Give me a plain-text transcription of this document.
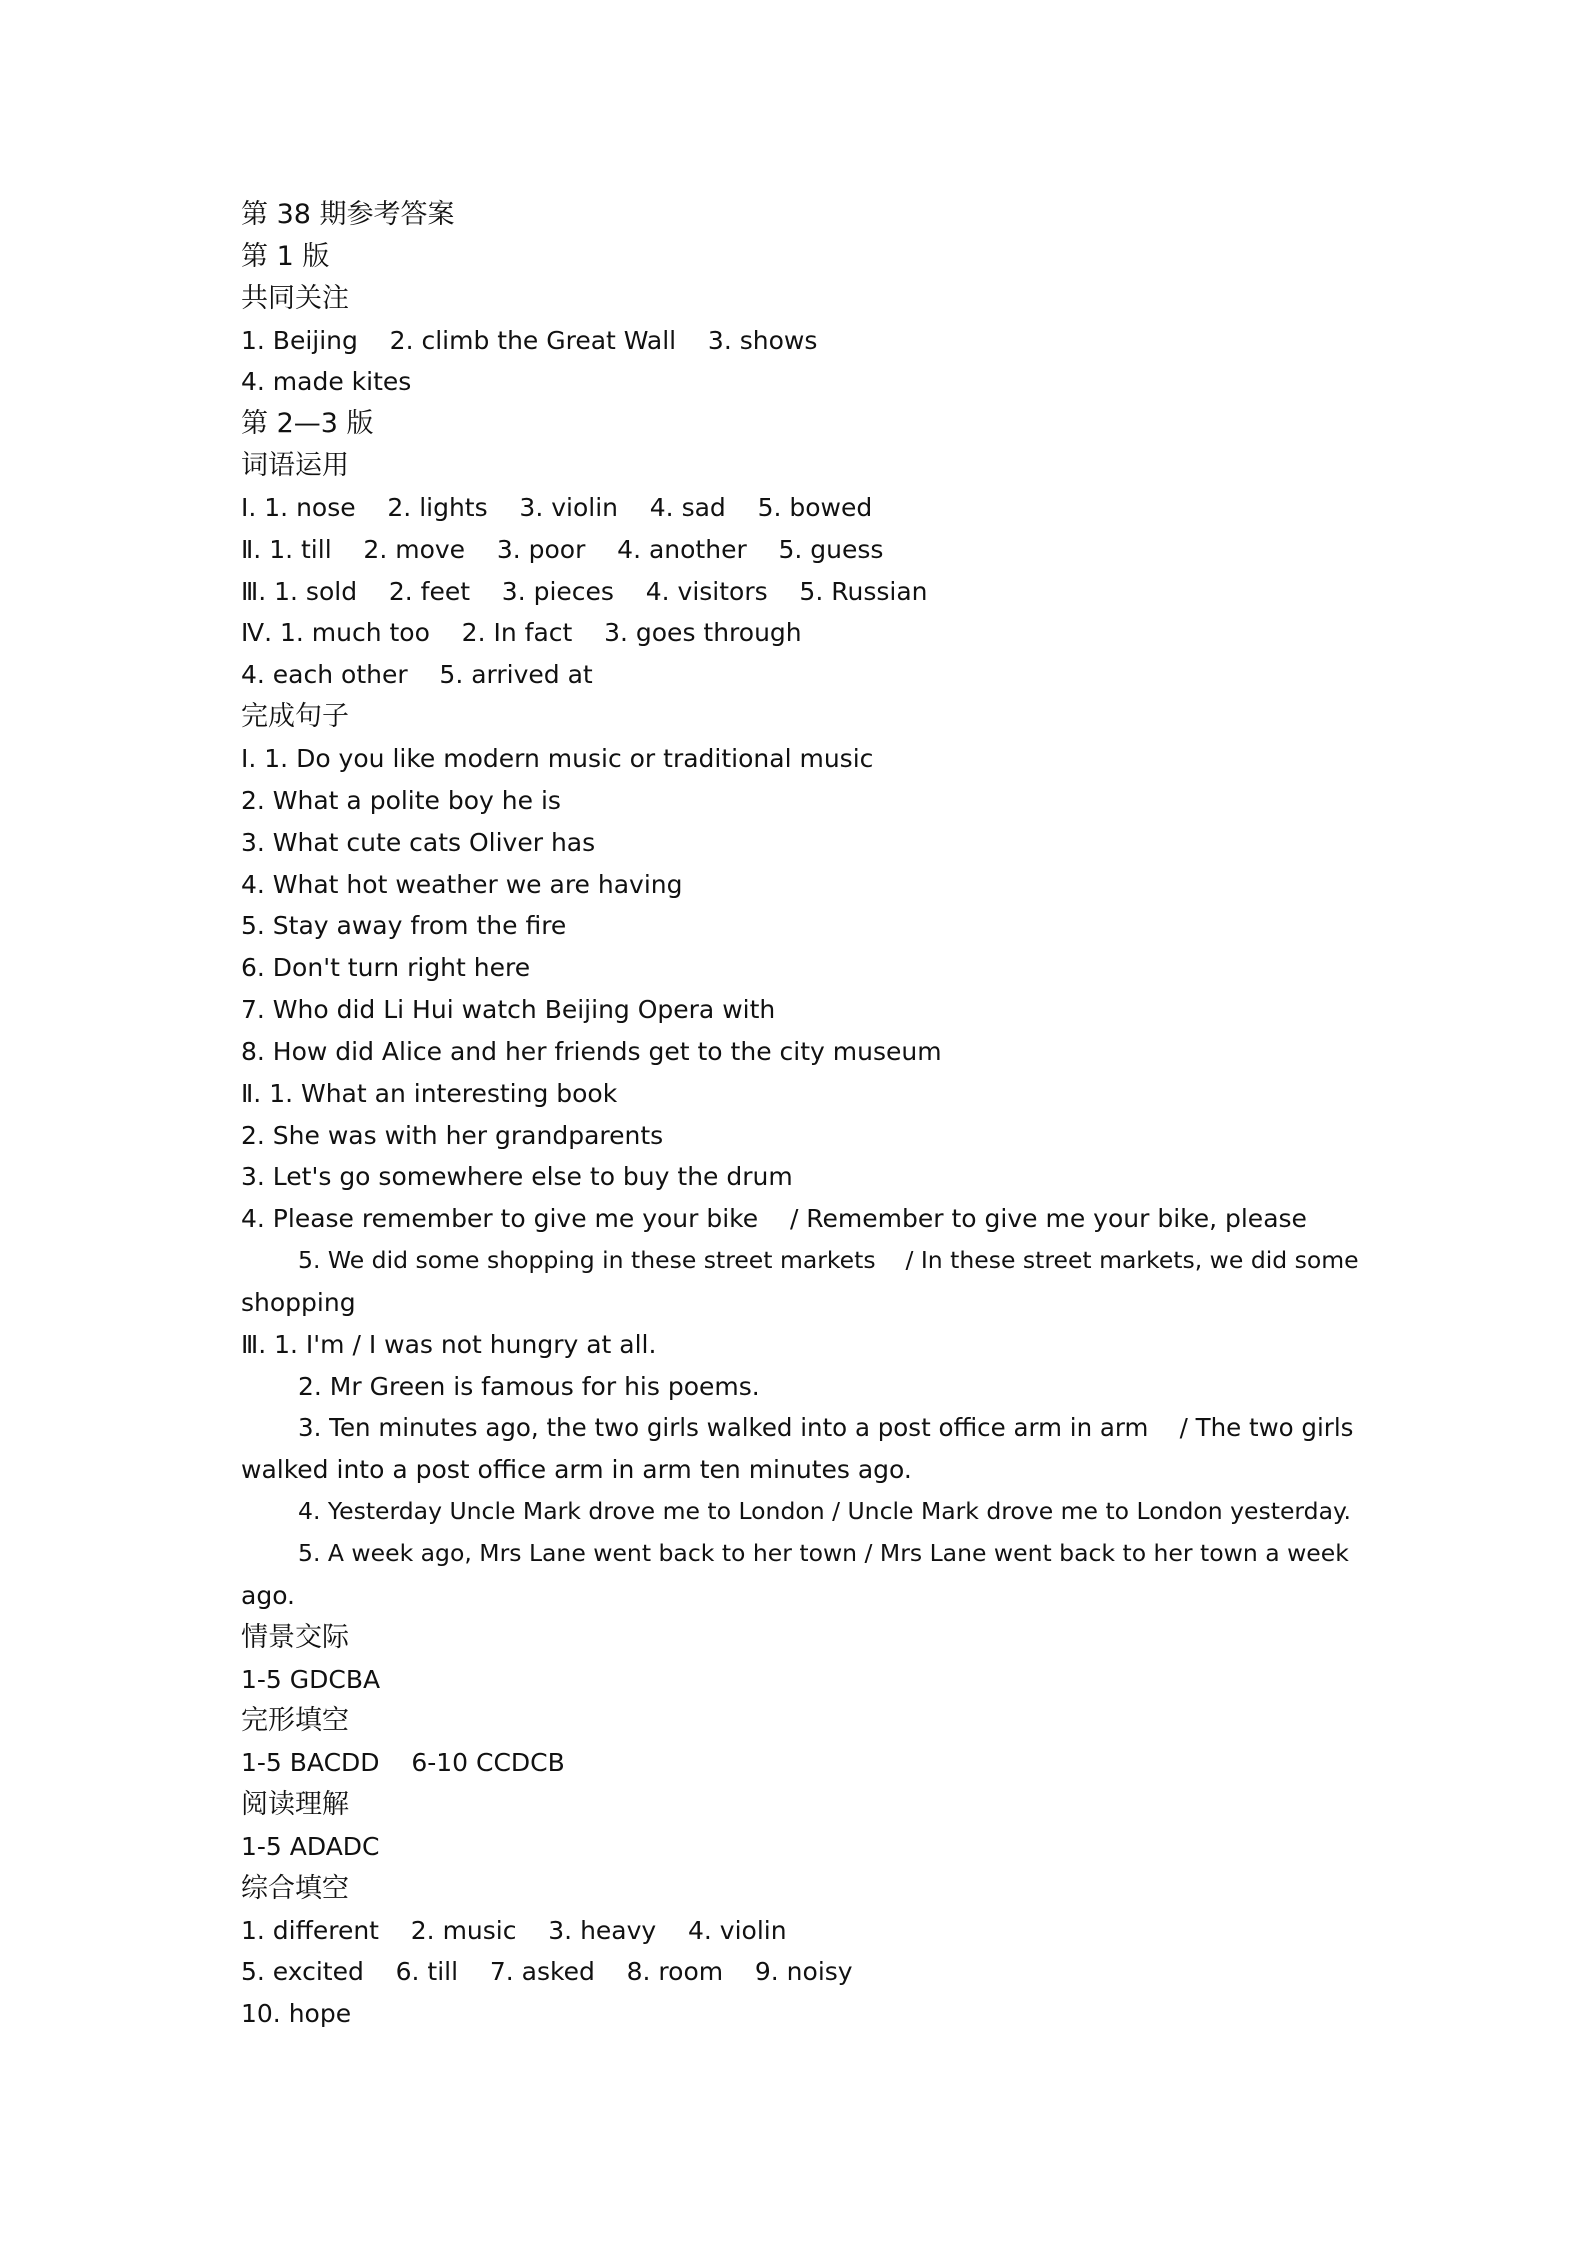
第 38 期参考答案
第 1 版
共同关注
1. Beijing    2. climb the Great Wall    3. shows
4. made kites
第 2—3 版
词语运用
Ⅰ. 1. nose    2. lights    3. violin    4. sad    5. bowed
Ⅱ. 1. till    2. move    3. poor    4. another    5. guess
Ⅲ. 1. sold    2. feet    3. pieces    4. visitors    5. Russian
Ⅳ. 1. much too    2. In fact    3. goes through
4. each other    5. arrived at
完成句子
Ⅰ. 1. Do you like modern music or traditional music
2. What a polite boy he is
3. What cute cats Oliver has
4. What hot weather we are having
5. Stay away from the fire
6. Don't turn right here
7. Who did Li Hui watch Beijing Opera with
8. How did Alice and her friends get to the city museum
Ⅱ. 1. What an interesting book
2. She was with her grandparents
3. Let's go somewhere else to buy the drum
4. Please remember to give me your bike    / Remember to give me your bike, please
5. We did some shopping in these street markets    / In these street markets, we did some
shopping
Ⅲ. 1. I'm / I was not hungry at all.
2. Mr Green is famous for his poems.
3. Ten minutes ago, the two girls walked into a post office arm in arm    / The two girls
walked into a post office arm in arm ten minutes ago.
4. Yesterday Uncle Mark drove me to London / Uncle Mark drove me to London yesterday.
5. A week ago, Mrs Lane went back to her town / Mrs Lane went back to her town a week
ago.
情景交际
1-5 GDCBA
完形填空
1-5 BACDD    6-10 CCDCB
阅读理解
1-5 ADADC
综合填空
1. different    2. music    3. heavy    4. violin
5. excited    6. till    7. asked    8. room    9. noisy
10. hope
